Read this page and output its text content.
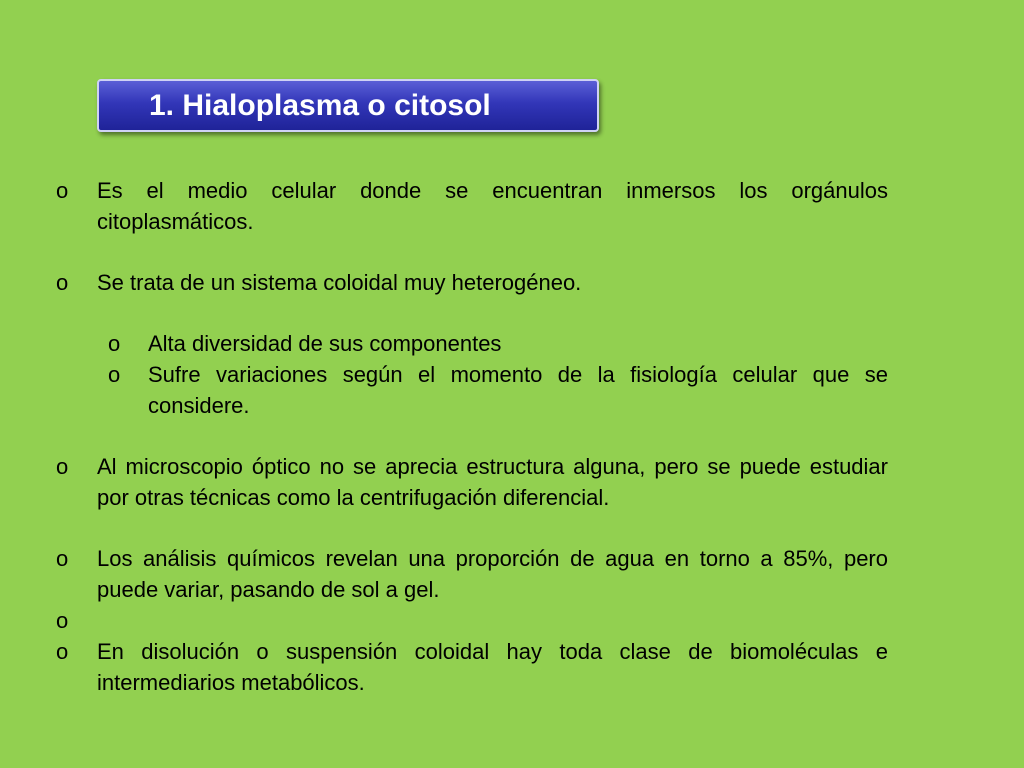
1. Hialoplasma o citosol
o Es el medio celular donde se encuentran inmersos los orgánulos citoplasmáticos.
o Se trata de un sistema coloidal muy heterogéneo.
o Alta diversidad de sus componentes
o Sufre variaciones según el momento de la fisiología celular que se considere.
o Al microscopio óptico no se aprecia estructura alguna, pero se puede estudiar por otras técnicas como la centrifugación diferencial.
o Los análisis químicos revelan una proporción de agua en torno a 85%, pero puede variar, pasando de sol a gel.
o
o En disolución o suspensión coloidal hay toda clase de biomoléculas e intermediarios metabólicos.
